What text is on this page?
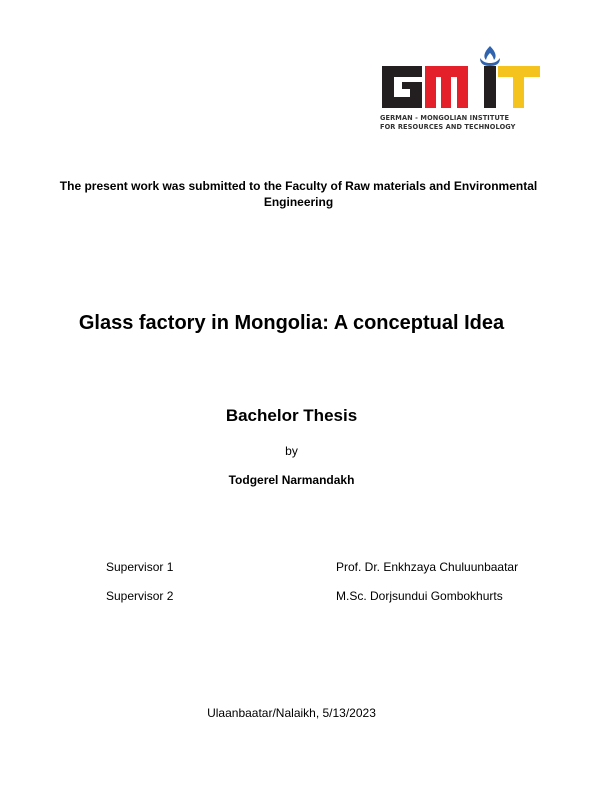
GERMAN - MONGOLIAN INSTITUTE
FOR RESOURCES AND TECHNOLOGY
The present work was submitted to the Faculty of Raw materials and Environmental Engineering
Glass factory in Mongolia: A conceptual Idea
Bachelor Thesis
by
Todgerel Narmandakh
Supervisor 1	Prof. Dr. Enkhzaya Chuluunbaatar
Supervisor 2	M.Sc. Dorjsundui Gombokhurts
Ulaanbaatar/Nalaikh, 5/13/2023
